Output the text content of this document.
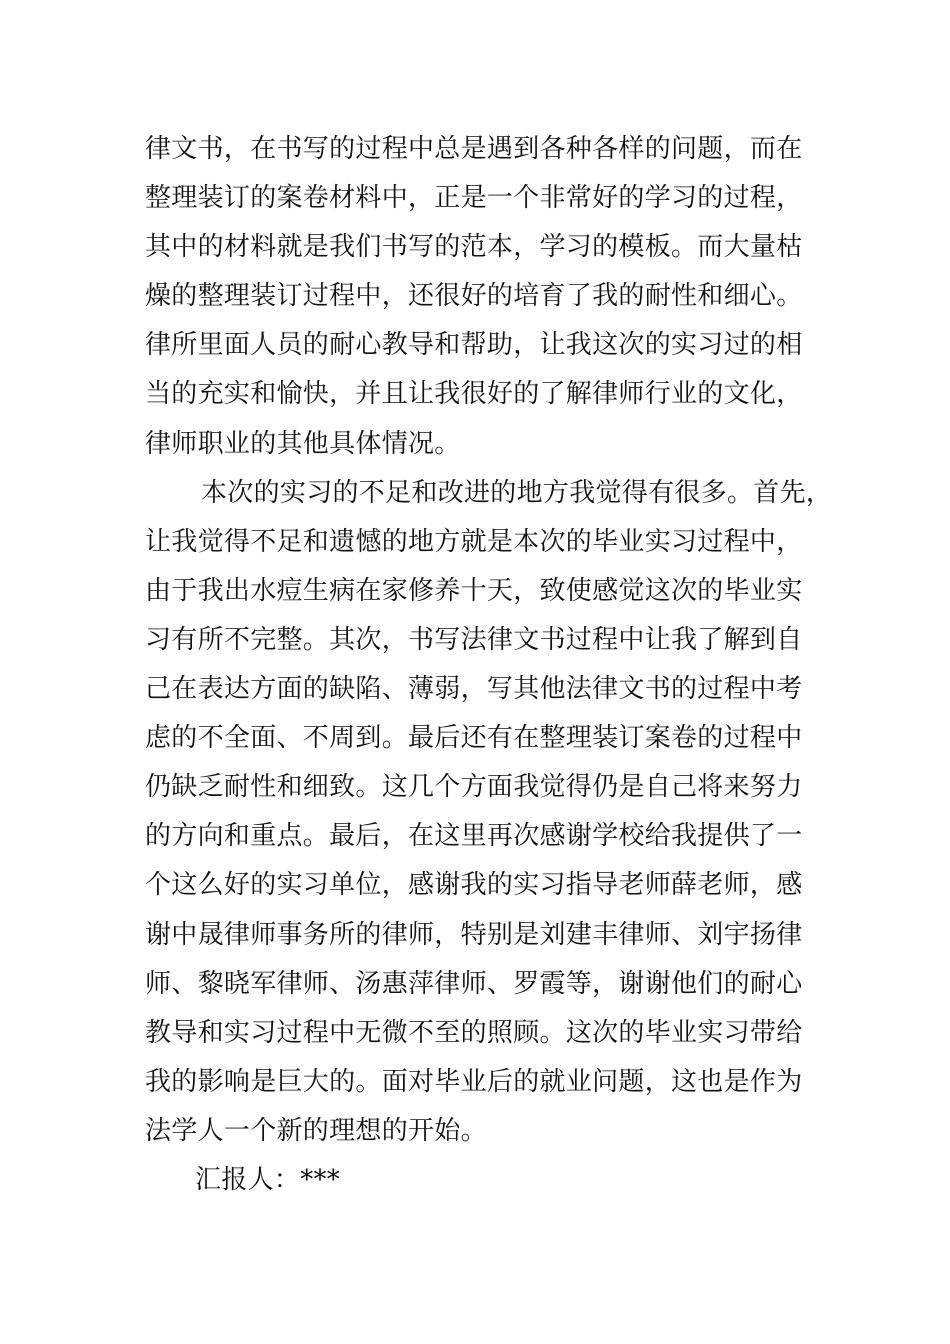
律文书，在书写的过程中总是遇到各种各样的问题，而在
整理装订的案卷材料中，正是一个非常好的学习的过程，
其中的材料就是我们书写的范本，学习的模板。而大量枯
燥的整理装订过程中，还很好的培育了我的耐性和细心。
律所里面人员的耐心教导和帮助，让我这次的实习过的相
当的充实和愉快，并且让我很好的了解律师行业的文化，
律师职业的其他具体情况。
本次的实习的不足和改进的地方我觉得有很多。首先，
让我觉得不足和遗憾的地方就是本次的毕业实习过程中，
由于我出水痘生病在家修养十天，致使感觉这次的毕业实
习有所不完整。其次，书写法律文书过程中让我了解到自
己在表达方面的缺陷、薄弱，写其他法律文书的过程中考
虑的不全面、不周到。最后还有在整理装订案卷的过程中
仍缺乏耐性和细致。这几个方面我觉得仍是自己将来努力
的方向和重点。最后，在这里再次感谢学校给我提供了一
个这么好的实习单位，感谢我的实习指导老师薛老师，感
谢中晟律师事务所的律师，特别是刘建丰律师、刘宇扬律
师、黎晓军律师、汤惠萍律师、罗霞等，谢谢他们的耐心
教导和实习过程中无微不至的照顾。这次的毕业实习带给
我的影响是巨大的。面对毕业后的就业问题，这也是作为
法学人一个新的理想的开始。
汇报人：***
